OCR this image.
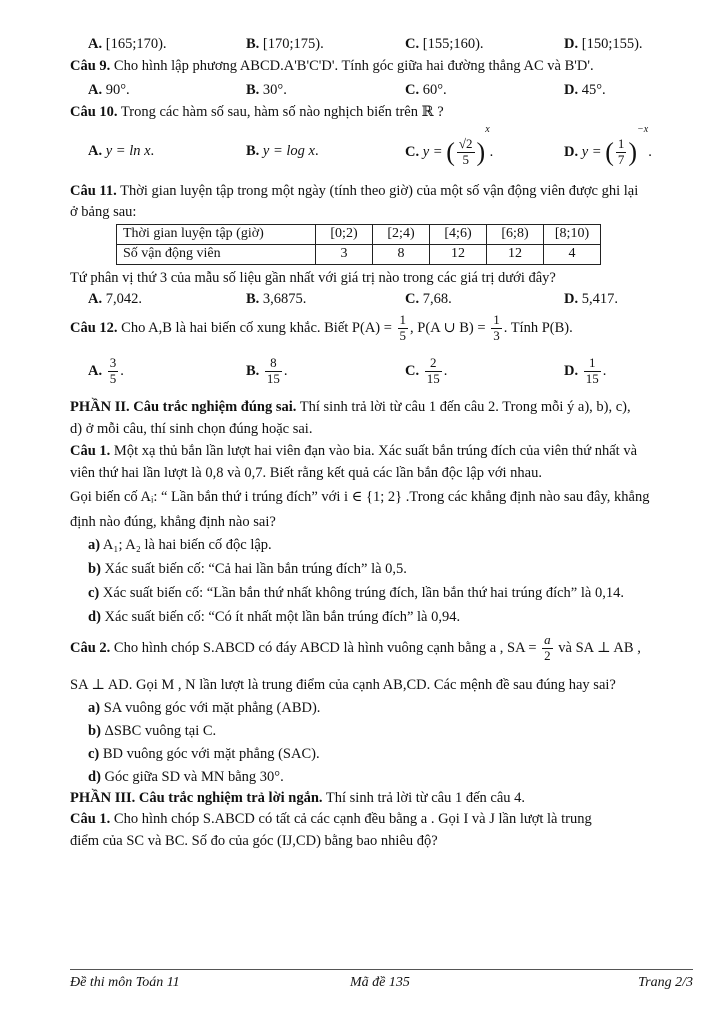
A. [165;170).	B. [170;175).	C. [155;160).	D. [150;155).
Câu 9. Cho hình lập phương ABCD.A'B'C'D'. Tính góc giữa hai đường thẳng AC và B'D'.
A. 90°.	B. 30°.	C. 60°.	D. 45°.
Câu 10. Trong các hàm số sau, hàm số nào nghịch biến trên ℝ ?
A. y = ln x.	B. y = log x.	C. y = ( $\frac{√2}{5} )^x$.	D. y = ( $\frac{1}{7} )^{-x}$.
Câu 11. Thời gian luyện tập trong một ngày (tính theo giờ) của một số vận động viên được ghi lại
ở bảng sau:
Thời gian luyện tập (giờ)	[0;2)	[2;4)	[4;6)	[6;8)	[8;10)
Số vận động viên	3	8	12	12	4
Tứ phân vị thứ 3 của mẫu số liệu gần nhất với giá trị nào trong các giá trị dưới đây?
A. 7,042.	B. 3,6875.	C. 7,68.	D. 5,417.
Câu 12. Cho A,B là hai biến cố xung khắc. Biết $P(A) = \frac{1}{5}$ , P(A ∪ $B) = \frac{1}{3}$ . Tính P(B).
A. $\frac{3}{5}$ .	B. $\frac{8}{15}$ .	C. $\frac{2}{15}$ .	D. $\frac{1}{15}$ .
PHẦN II. Câu trắc nghiệm đúng sai. Thí sinh trả lời từ câu 1 đến câu 2. Trong mỗi ý a), b), c),
d) ở mỗi câu, thí sinh chọn đúng hoặc sai.
Câu 1. Một xạ thủ bắn lần lượt hai viên đạn vào bia. Xác suất bắn trúng đích của viên thứ nhất và
viên thứ hai lần lượt là 0,8 và 0,7. Biết rằng kết quả các lần bắn độc lập với nhau.
Gọi biến cố Aᵢ: “ Lần bắn thứ i trúng đích” với i ∈ {1; 2} .Trong các khẳng định nào sau đây, khẳng
định nào đúng, khẳng định nào sai?
a) A₁; A₂ là hai biến cố độc lập.
b) Xác suất biến cố: “Cả hai lần bắn trúng đích” là 0,5.
c) Xác suất biến cố: “Lần bắn thứ nhất không trúng đích, lần bắn thứ hai trúng đích” là 0,14.
d) Xác suất biến cố: “Có ít nhất một lần bắn trúng đích” là 0,94.
Câu 2. Cho hình chóp S.ABCD có đáy ABCD là hình vuông cạnh bằng a , SA = $\frac{a}{2}$ và SA ⊥ AB ,
SA ⊥ AD. Gọi M , N lần lượt là trung điểm của cạnh AB,CD. Các mệnh đề sau đúng hay sai?
a) SA vuông góc với mặt phẳng (ABD).
b) ΔSBC vuông tại C.
c) BD vuông góc với mặt phẳng (SAC).
d) Góc giữa SD và MN bằng 30°.
PHẦN III. Câu trắc nghiệm trả lời ngắn. Thí sinh trả lời từ câu 1 đến câu 4.
Câu 1. Cho hình chóp S.ABCD có tất cả các cạnh đều bằng a . Gọi I và J lần lượt là trung
điểm của SC và BC. Số đo của góc (IJ,CD) bằng bao nhiêu độ?
Đề thi môn Toán 11	Mã đề 135	Trang 2/3
